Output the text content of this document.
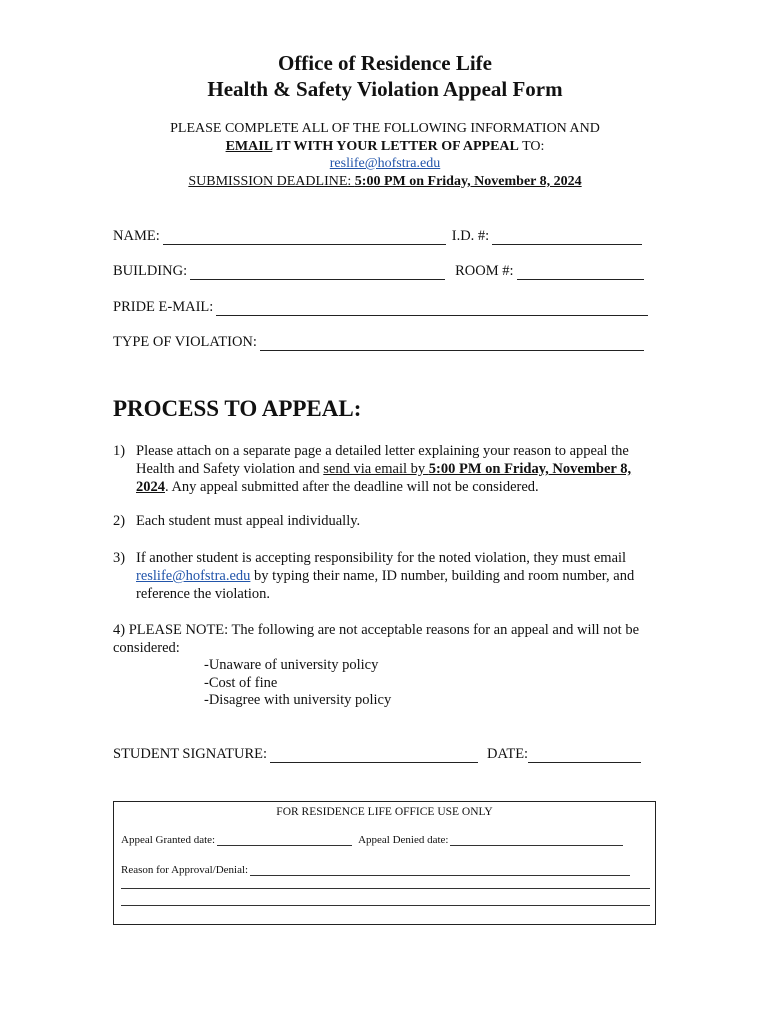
Office of Residence Life
Health & Safety Violation Appeal Form
PLEASE COMPLETE ALL OF THE FOLLOWING INFORMATION AND
EMAIL IT WITH YOUR LETTER OF APPEAL TO:
reslife@hofstra.edu
SUBMISSION DEADLINE: 5:00 PM on Friday, November 8, 2024
NAME:	I.D. #:
BUILDING:	ROOM #:
PRIDE E-MAIL:
TYPE OF VIOLATION:
PROCESS TO APPEAL:
1) Please attach on a separate page a detailed letter explaining your reason to appeal the Health and Safety violation and send via email by 5:00 PM on Friday, November 8, 2024. Any appeal submitted after the deadline will not be considered.
2) Each student must appeal individually.
3) If another student is accepting responsibility for the noted violation, they must email reslife@hofstra.edu by typing their name, ID number, building and room number, and reference the violation.
4) PLEASE NOTE: The following are not acceptable reasons for an appeal and will not be considered:
-Unaware of university policy
-Cost of fine
-Disagree with university policy
STUDENT SIGNATURE:	DATE:
FOR RESIDENCE LIFE OFFICE USE ONLY
Appeal Granted date:	Appeal Denied date:
Reason for Approval/Denial:
